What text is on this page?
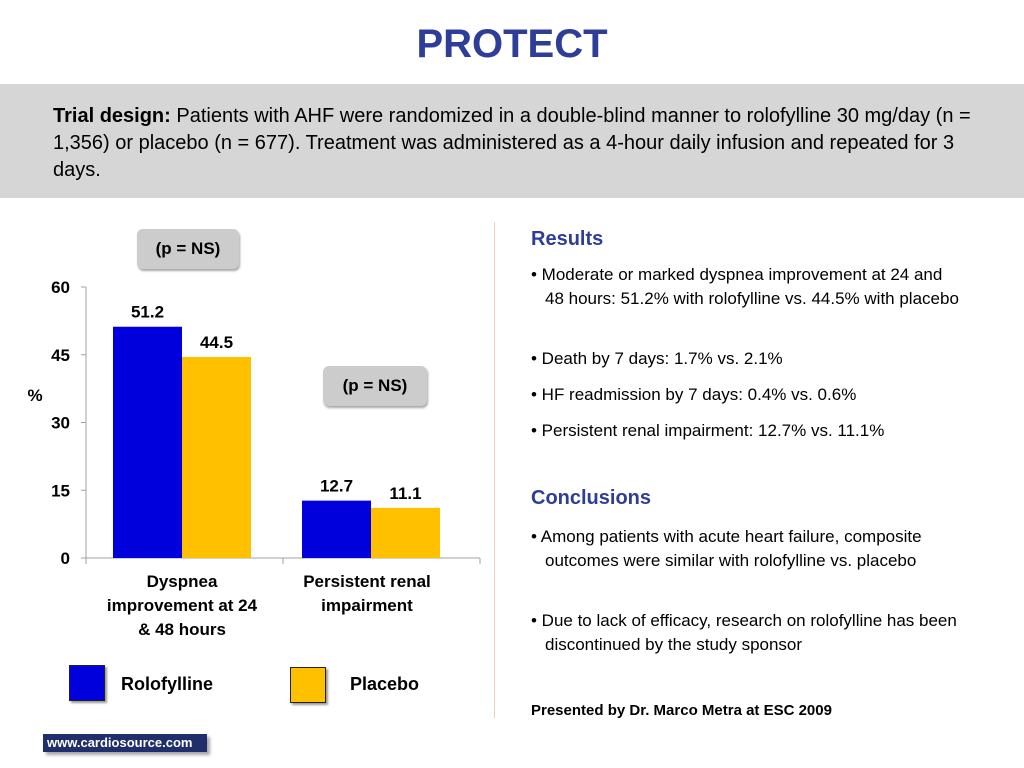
PROTECT
Trial design: Patients with AHF were randomized in a double-blind manner to rolofylline 30 mg/day (n = 1,356) or placebo (n = 677). Treatment was administered as a 4-hour daily infusion and repeated for 3 days.
0
15
30
45
60
%
51.2
12.7
44.5
11.1
Dyspnea
improvement at 24
& 48 hours
Persistent renal
impairment
(p = NS)
(p = NS)
Rolofylline	Placebo
Results
• Moderate or marked dyspnea improvement at 24 and 48 hours: 51.2% with rolofylline vs. 44.5% with placebo
• Death by 7 days: 1.7% vs. 2.1%
• HF readmission by 7 days: 0.4% vs. 0.6%
• Persistent renal impairment: 12.7% vs. 11.1%
Conclusions
• Among patients with acute heart failure, composite outcomes were similar with rolofylline vs. placebo
• Due to lack of efficacy, research on rolofylline has been discontinued by the study sponsor
Presented by Dr. Marco Metra at ESC 2009
www.cardiosource.com
